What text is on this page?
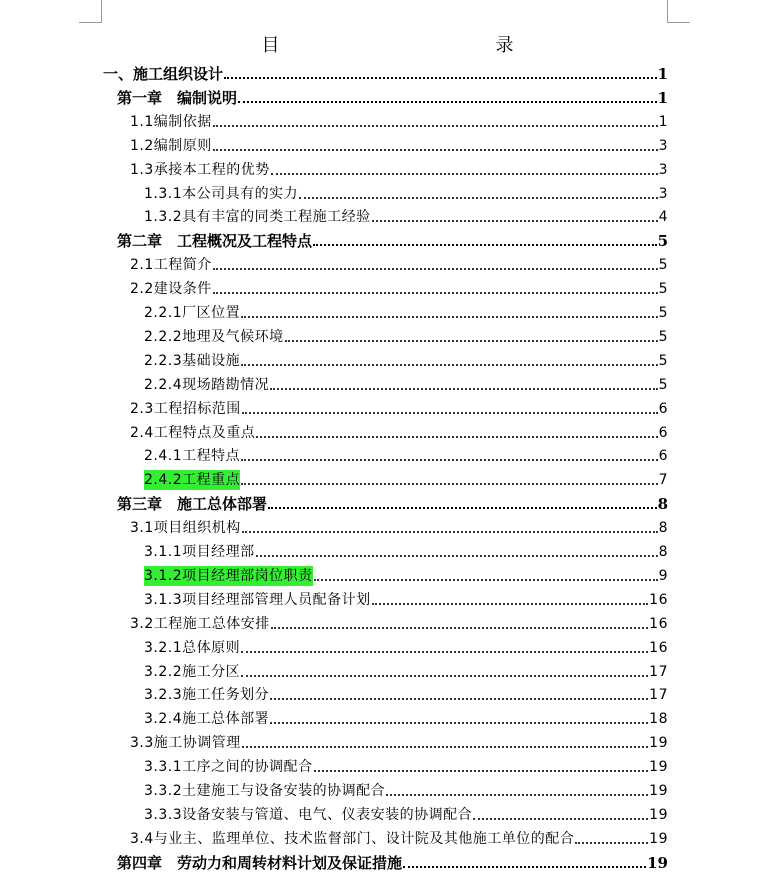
目　　录
一、施工组织设计	1
第一章　编制说明	1
1.1编制依据	1
1.2编制原则	3
1.3承接本工程的优势	3
1.3.1本公司具有的实力	3
1.3.2具有丰富的同类工程施工经验	4
第二章　工程概况及工程特点	5
2.1工程简介	5
2.2建设条件	5
2.2.1厂区位置	5
2.2.2地理及气候环境	5
2.2.3基础设施	5
2.2.4现场踏勘情况	5
2.3工程招标范围	6
2.4工程特点及重点	6
2.4.1工程特点	6
2.4.2工程重点	7
第三章　施工总体部署	8
3.1项目组织机构	8
3.1.1项目经理部	8
3.1.2项目经理部岗位职责	9
3.1.3项目经理部管理人员配备计划	16
3.2工程施工总体安排	16
3.2.1总体原则	16
3.2.2施工分区	17
3.2.3施工任务划分	17
3.2.4施工总体部署	18
3.3施工协调管理	19
3.3.1工序之间的协调配合	19
3.3.2土建施工与设备安装的协调配合	19
3.3.3设备安装与管道、电气、仪表安装的协调配合	19
3.4与业主、监理单位、技术监督部门、设计院及其他施工单位的配合	19
第四章　劳动力和周转材料计划及保证措施	19
